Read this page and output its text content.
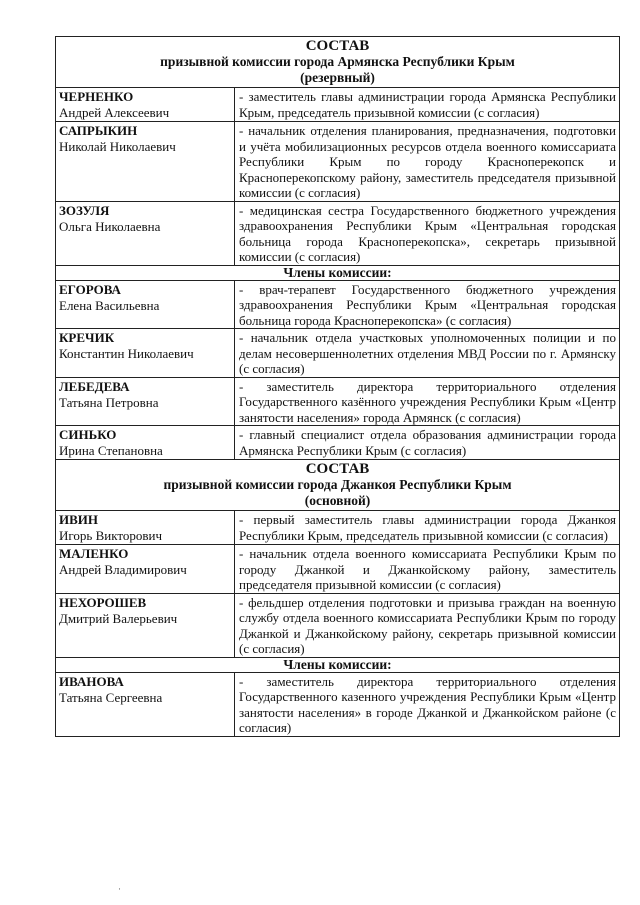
СОСТАВ
призывной комиссии города Армянска Республики Крым
(резервный)
ЧЕРНЕНКО
Андрей Алексеевич
- заместитель главы администрации города Армянска Республики Крым, председатель призывной комиссии (с согласия)
САПРЫКИН
Николай Николаевич
- начальник отделения планирования, предназначения, подготовки и учёта мобилизационных ресурсов отдела военного комиссариата Республики Крым по городу Красноперекопск и Красноперекопскому району, заместитель председателя призывной комиссии (с согласия)
ЗОЗУЛЯ
Ольга Николаевна
- медицинская сестра Государственного бюджетного учреждения здравоохранения Республики Крым «Центральная городская больница города Красноперекопска», секретарь призывной комиссии (с согласия)
Члены комиссии:
ЕГОРОВА
Елена Васильевна
- врач-терапевт Государственного бюджетного учреждения здравоохранения Республики Крым «Центральная городская больница города Красноперекопска» (с согласия)
КРЕЧИК
Константин Николаевич
- начальник отдела участковых уполномоченных полиции и по делам несовершеннолетних отделения МВД России по г. Армянску (с согласия)
ЛЕБЕДЕВА
Татьяна Петровна
- заместитель директора территориального отделения Государственного казённого учреждения Республики Крым «Центр занятости населения» города Армянск (с согласия)
СИНЬКО
Ирина Степановна
- главный специалист отдела образования администрации города Армянска Республики Крым (с согласия)
СОСТАВ
призывной комиссии города Джанкоя Республики Крым
(основной)
ИВИН
Игорь Викторович
- первый заместитель главы администрации города Джанкоя Республики Крым, председатель призывной комиссии (с согласия)
МАЛЕНКО
Андрей Владимирович
- начальник отдела военного комиссариата Республики Крым по городу Джанкой и Джанкойскому району, заместитель председателя призывной комиссии (с согласия)
НЕХОРОШЕВ
Дмитрий Валерьевич
- фельдшер отделения подготовки и призыва граждан на военную службу отдела военного комиссариата Республики Крым по городу Джанкой и Джанкойскому району, секретарь призывной комиссии (с согласия)
Члены комиссии:
ИВАНОВА
Татьяна Сергеевна
- заместитель директора территориального отделения Государственного казенного учреждения Республики Крым «Центр занятости населения» в городе Джанкой и Джанкойском районе (с согласия)
·
